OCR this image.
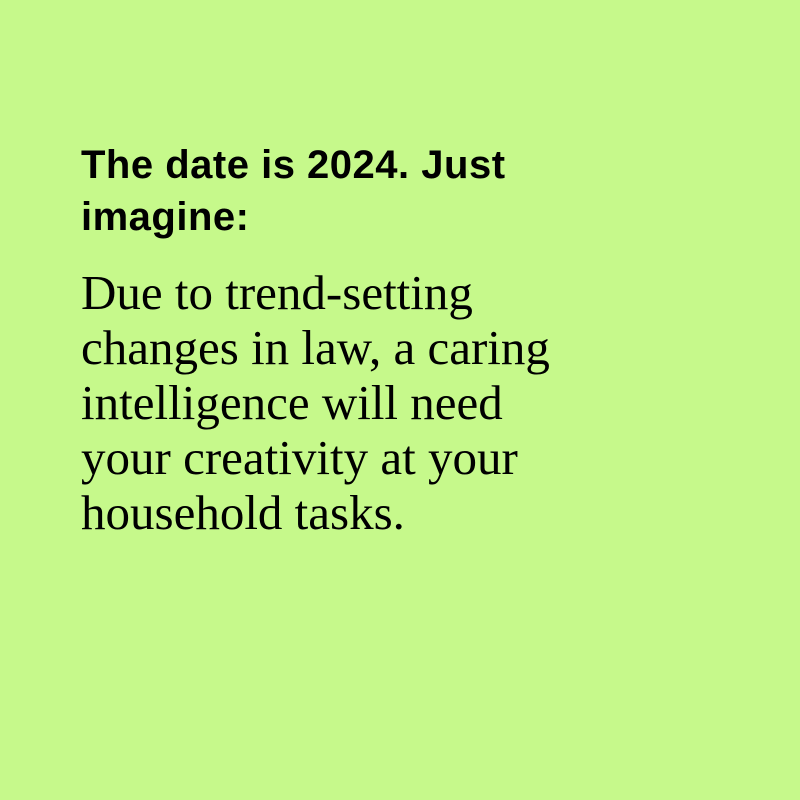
The date is 2024. Just
imagine:

Due to trend-setting
changes in law, a caring
intelligence will need
your creativity at your
household tasks.
